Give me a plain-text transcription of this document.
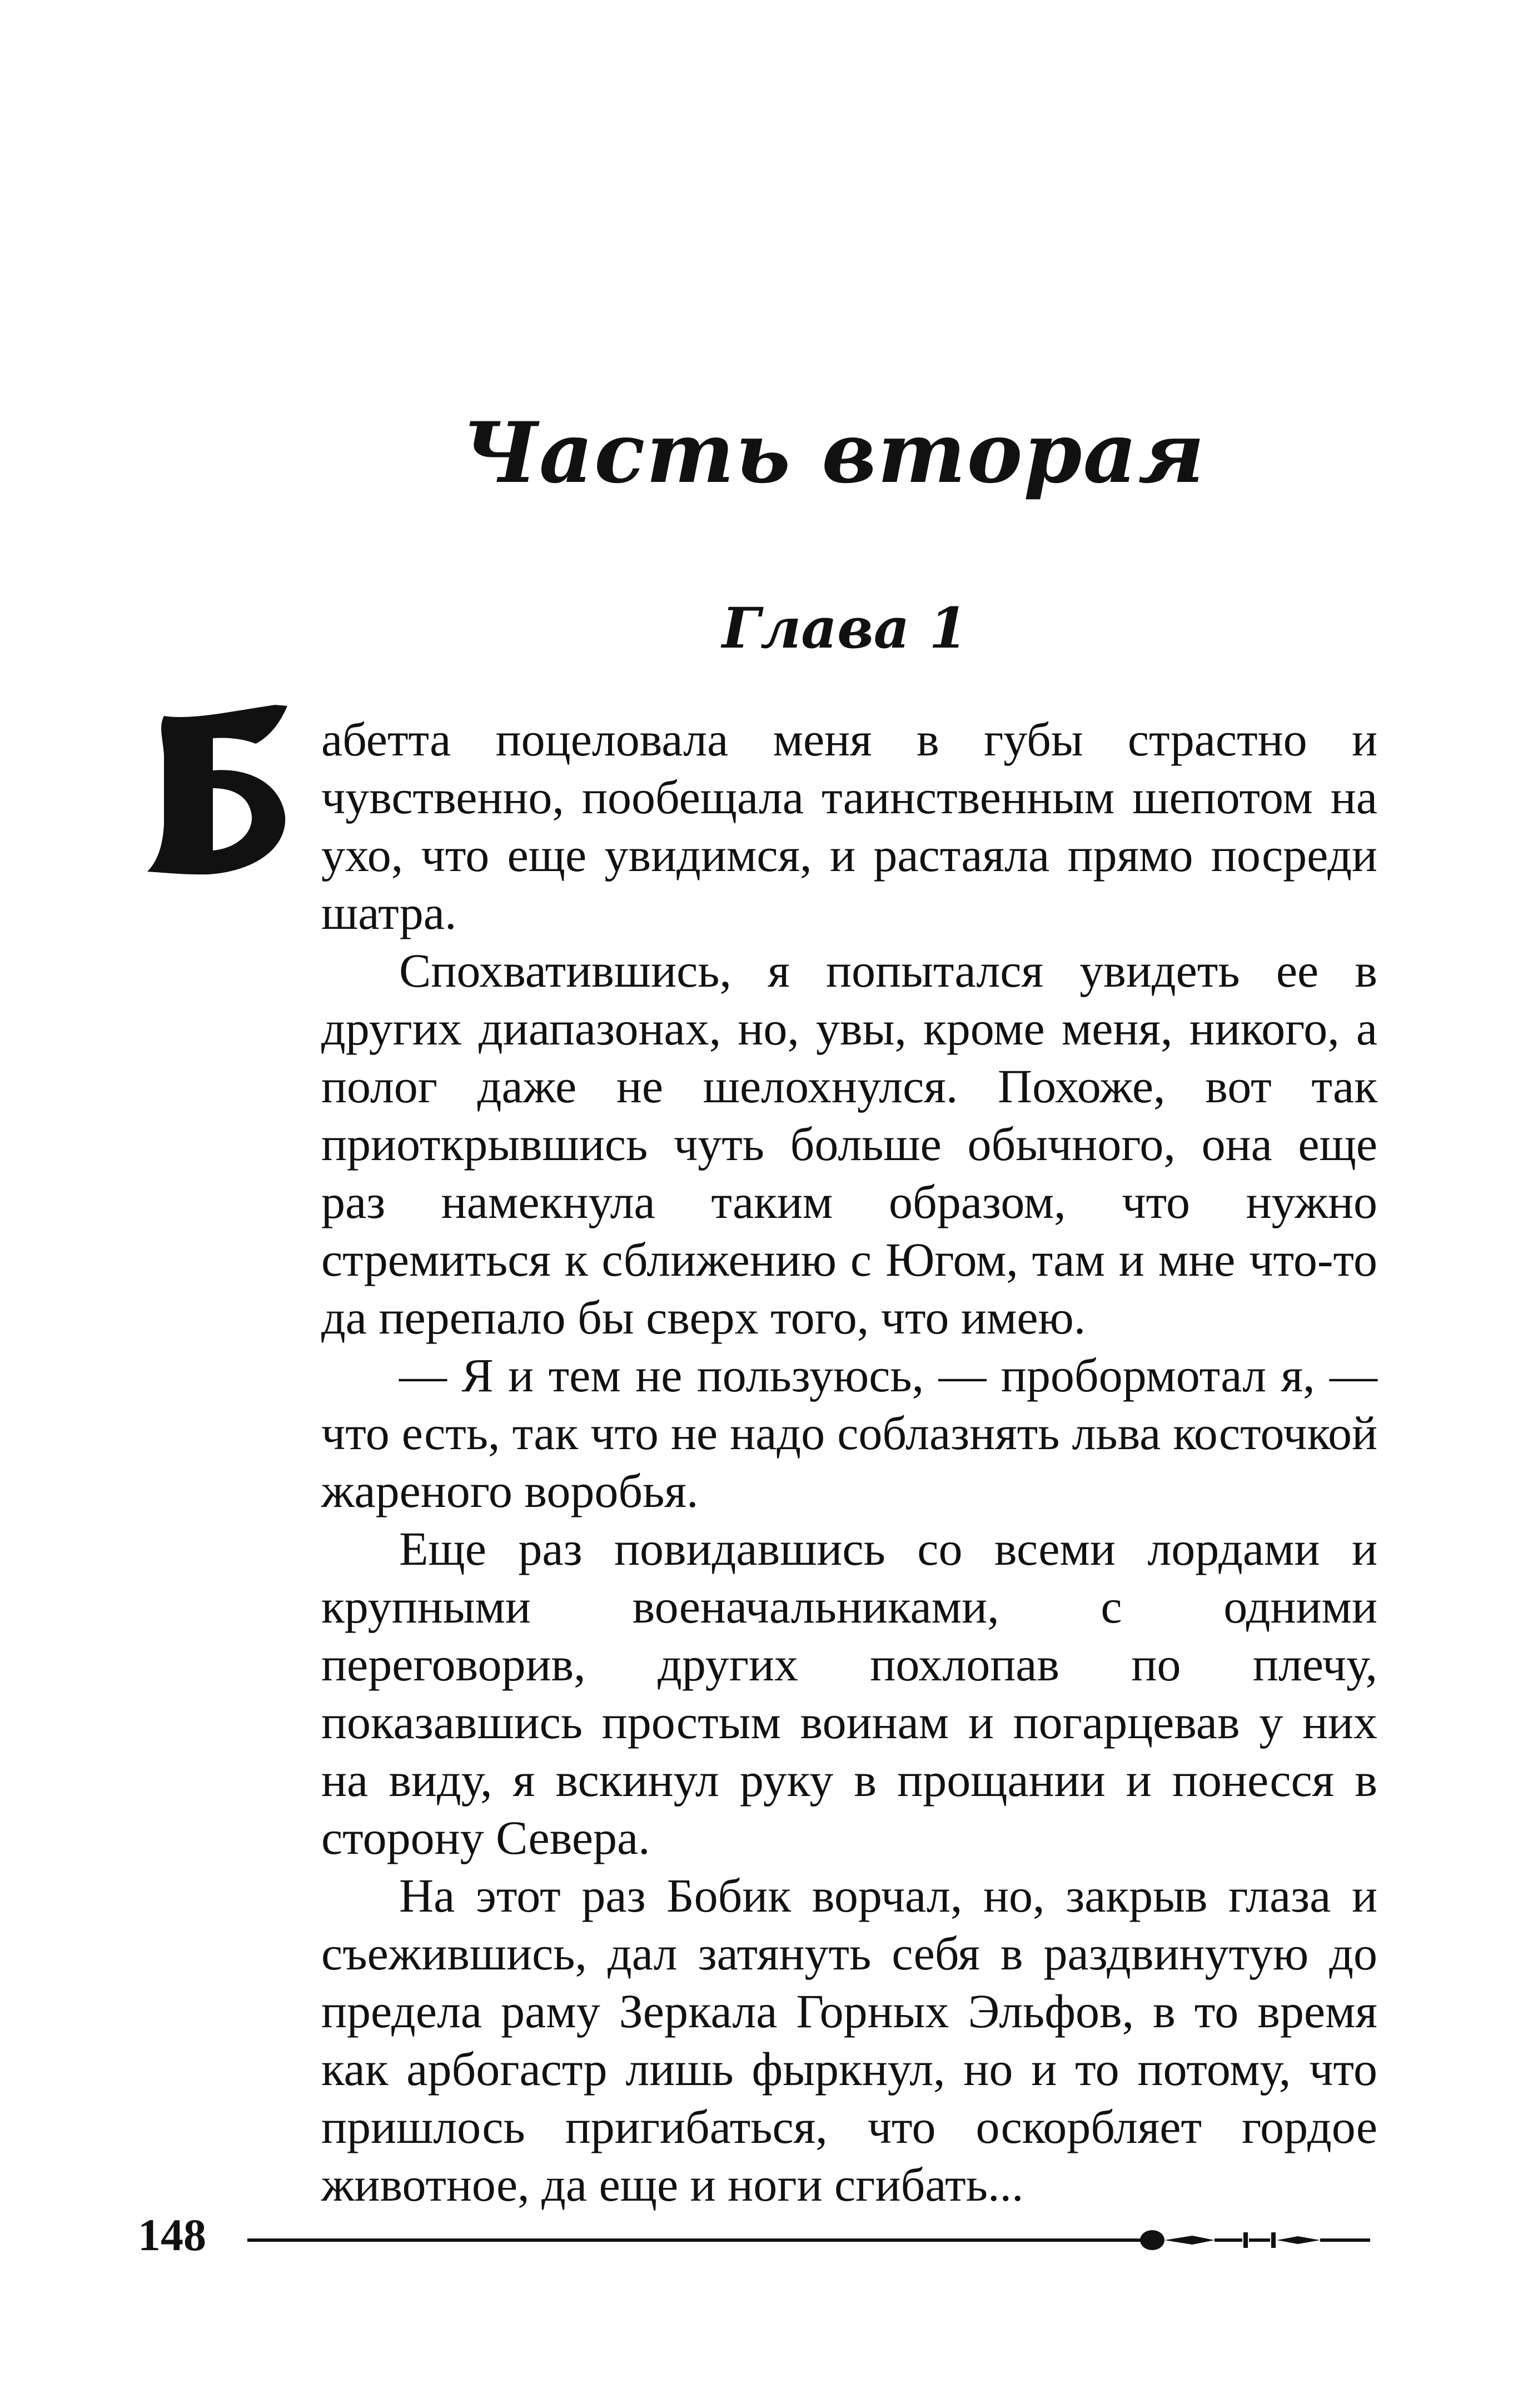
Часть вторая
Глава 1

абетта поцеловала меня в губы страстно и чувственно, пообещала таинственным шепотом на ухо, что еще увидимся, и растаяла прямо посреди шатра.

Спохватившись, я попытался увидеть ее в других диапазонах, но, увы, кроме меня, никого, а полог даже не шелохнулся. Похоже, вот так приоткрывшись чуть больше обычного, она еще раз намекнула таким образом, что нужно стремиться к сближению с Югом, там и мне что-то да перепало бы сверх того, что имею.

— Я и тем не пользуюсь, — пробормотал я, — что есть, так что не надо соблазнять льва косточкой жареного воробья.

Еще раз повидавшись со всеми лордами и крупными военачальниками, с одними переговорив, других похлопав по плечу, показавшись простым воинам и погарцевав у них на виду, я вскинул руку в прощании и понесся в сторону Севера.

На этот раз Бобик ворчал, но, закрыв глаза и съежившись, дал затянуть себя в раздвинутую до предела раму Зеркала Горных Эльфов, в то время как арбогастр лишь фыркнул, но и то потому, что пришлось пригибаться, что оскорбляет гордое животное, да еще и ноги сгибать...

148
